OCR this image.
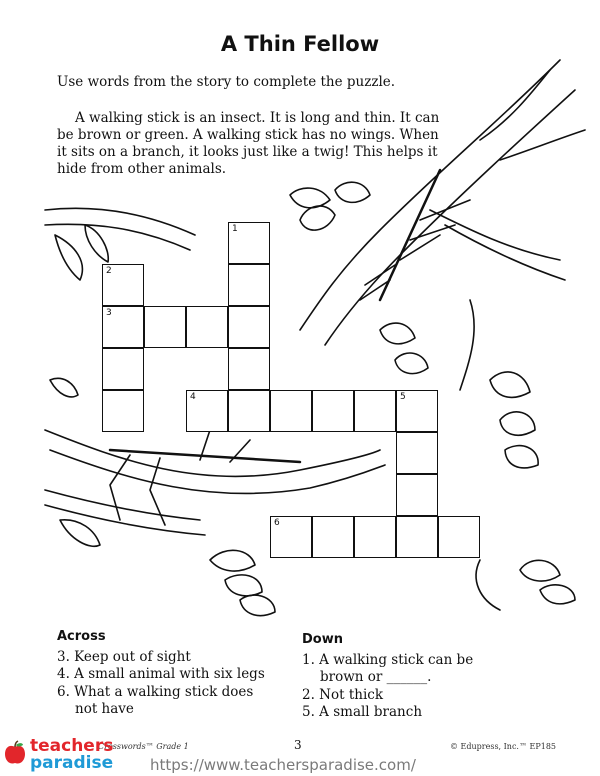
A Thin Fellow
Use words from the story to complete the puzzle.
A walking stick is an insect. It is long and thin. It can be brown or green. A walking stick has no wings. When it sits on a branch, it looks just like a twig! This helps it hide from other animals.
1
2
3
4	5
6
Across
3. Keep out of sight
4. A small animal with six legs
6. What a walking stick does not have
Down
1. A walking stick can be brown or ______.
2. Not thick
5. A small branch
Crosswords™ Grade 1	3	© Edupress, Inc.™ EP185
teachers
paradise https://www.teachersparadise.com/
